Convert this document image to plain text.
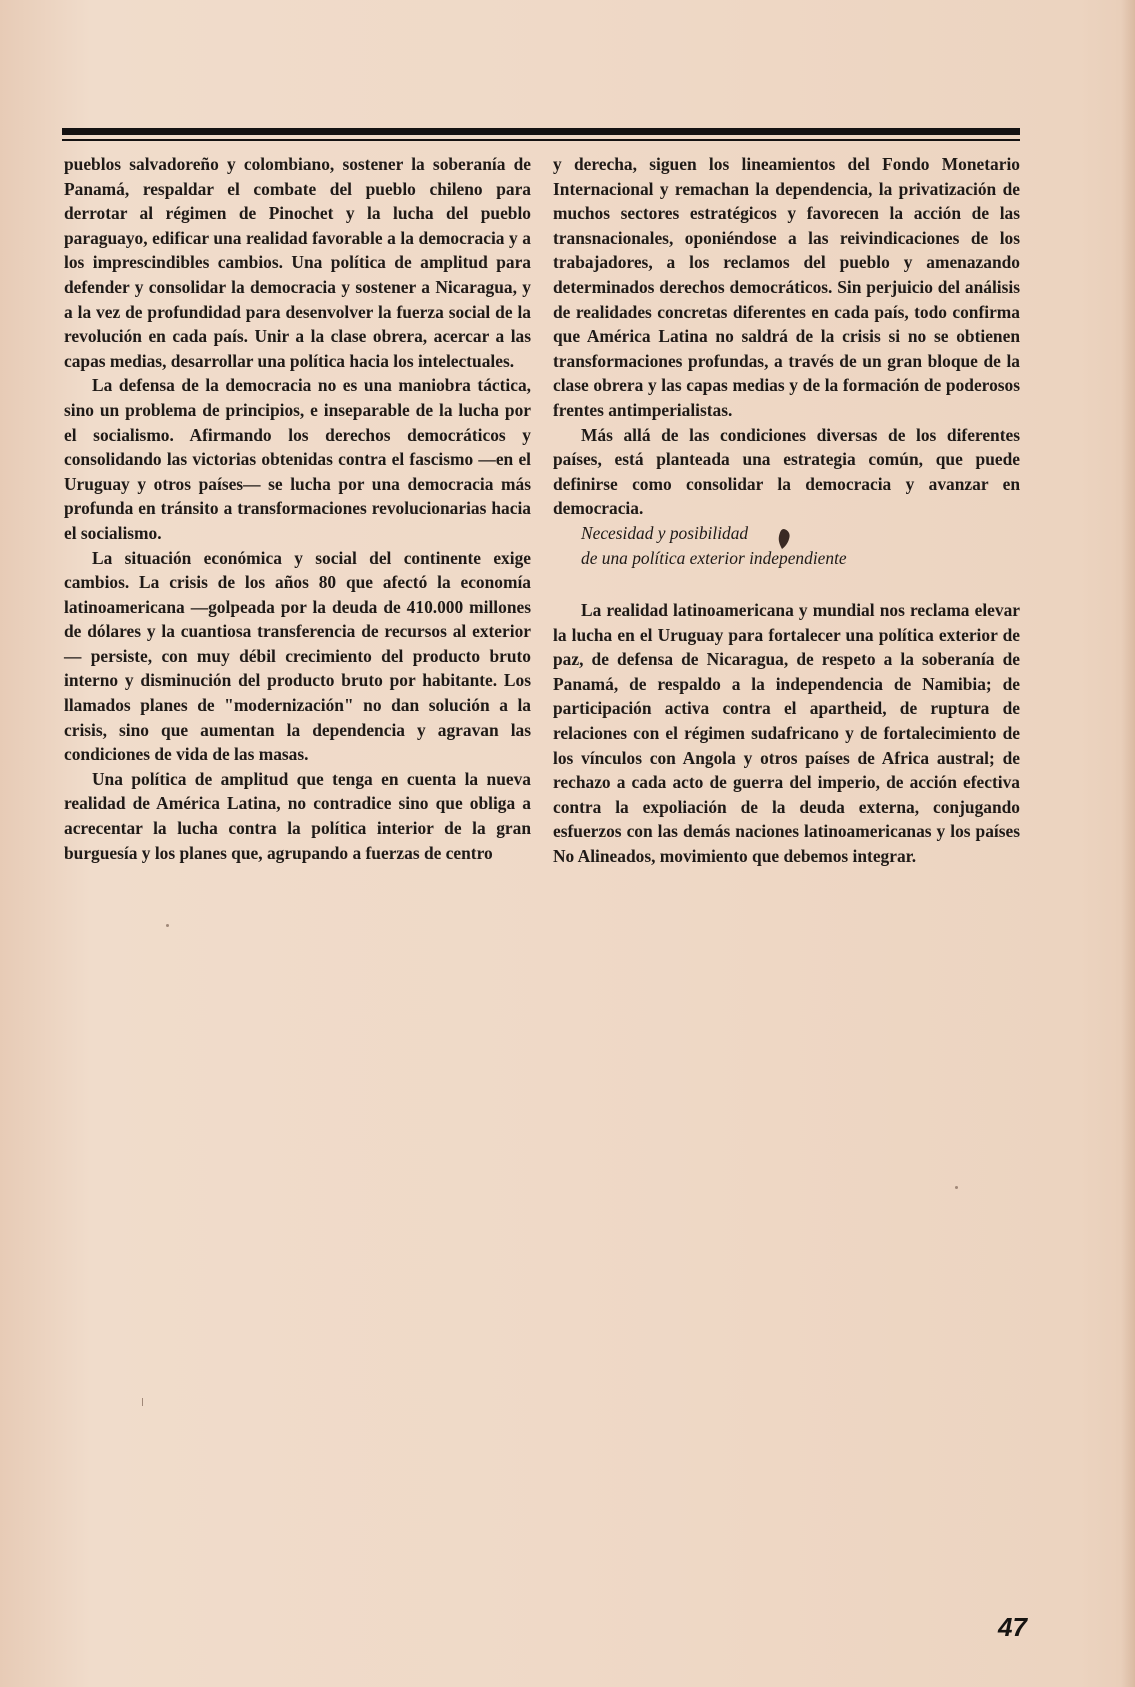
pueblos salvadoreño y colombiano, sostener la soberanía de Panamá, respaldar el combate del pueblo chileno para derrotar al régimen de Pinochet y la lucha del pueblo paraguayo, edificar una realidad favorable a la democracia y a los imprescindibles cambios. Una política de amplitud para defender y consolidar la democracia y sostener a Nicaragua, y a la vez de profundidad para desenvolver la fuerza social de la revolución en cada país. Unir a la clase obrera, acercar a las capas medias, desarrollar una política hacia los intelectuales.

La defensa de la democracia no es una maniobra táctica, sino un problema de principios, e inseparable de la lucha por el socialismo. Afirmando los derechos democráticos y consolidando las victorias obtenidas contra el fascismo —en el Uruguay y otros países— se lucha por una democracia más profunda en tránsito a transformaciones revolucionarias hacia el socialismo.

La situación económica y social del continente exige cambios. La crisis de los años 80 que afectó la economía latinoamericana —golpeada por la deuda de 410.000 millones de dólares y la cuantiosa transferencia de recursos al exterior— persiste, con muy débil crecimiento del producto bruto interno y disminución del producto bruto por habitante. Los llamados planes de "modernización" no dan solución a la crisis, sino que aumentan la dependencia y agravan las condiciones de vida de las masas.

Una política de amplitud que tenga en cuenta la nueva realidad de América Latina, no contradice sino que obliga a acrecentar la lucha contra la política interior de la gran burguesía y los planes que, agrupando a fuerzas de centro

y derecha, siguen los lineamientos del Fondo Monetario Internacional y remachan la dependencia, la privatización de muchos sectores estratégicos y favorecen la acción de las transnacionales, oponiéndose a las reivindicaciones de los trabajadores, a los reclamos del pueblo y amenazando determinados derechos democráticos. Sin perjuicio del análisis de realidades concretas diferentes en cada país, todo confirma que América Latina no saldrá de la crisis si no se obtienen transformaciones profundas, a través de un gran bloque de la clase obrera y las capas medias y de la formación de poderosos frentes antimperialistas.

Más allá de las condiciones diversas de los diferentes países, está planteada una estrategia común, que puede definirse como consolidar la democracia y avanzar en democracia.

Necesidad y posibilidad
de una política exterior independiente

La realidad latinoamericana y mundial nos reclama elevar la lucha en el Uruguay para fortalecer una política exterior de paz, de defensa de Nicaragua, de respeto a la soberanía de Panamá, de respaldo a la independencia de Namibia; de participación activa contra el apartheid, de ruptura de relaciones con el régimen sudafricano y de fortalecimiento de los vínculos con Angola y otros países de Africa austral; de rechazo a cada acto de guerra del imperio, de acción efectiva contra la expoliación de la deuda externa, conjugando esfuerzos con las demás naciones latinoamericanas y los países No Alineados, movimiento que debemos integrar.

47
